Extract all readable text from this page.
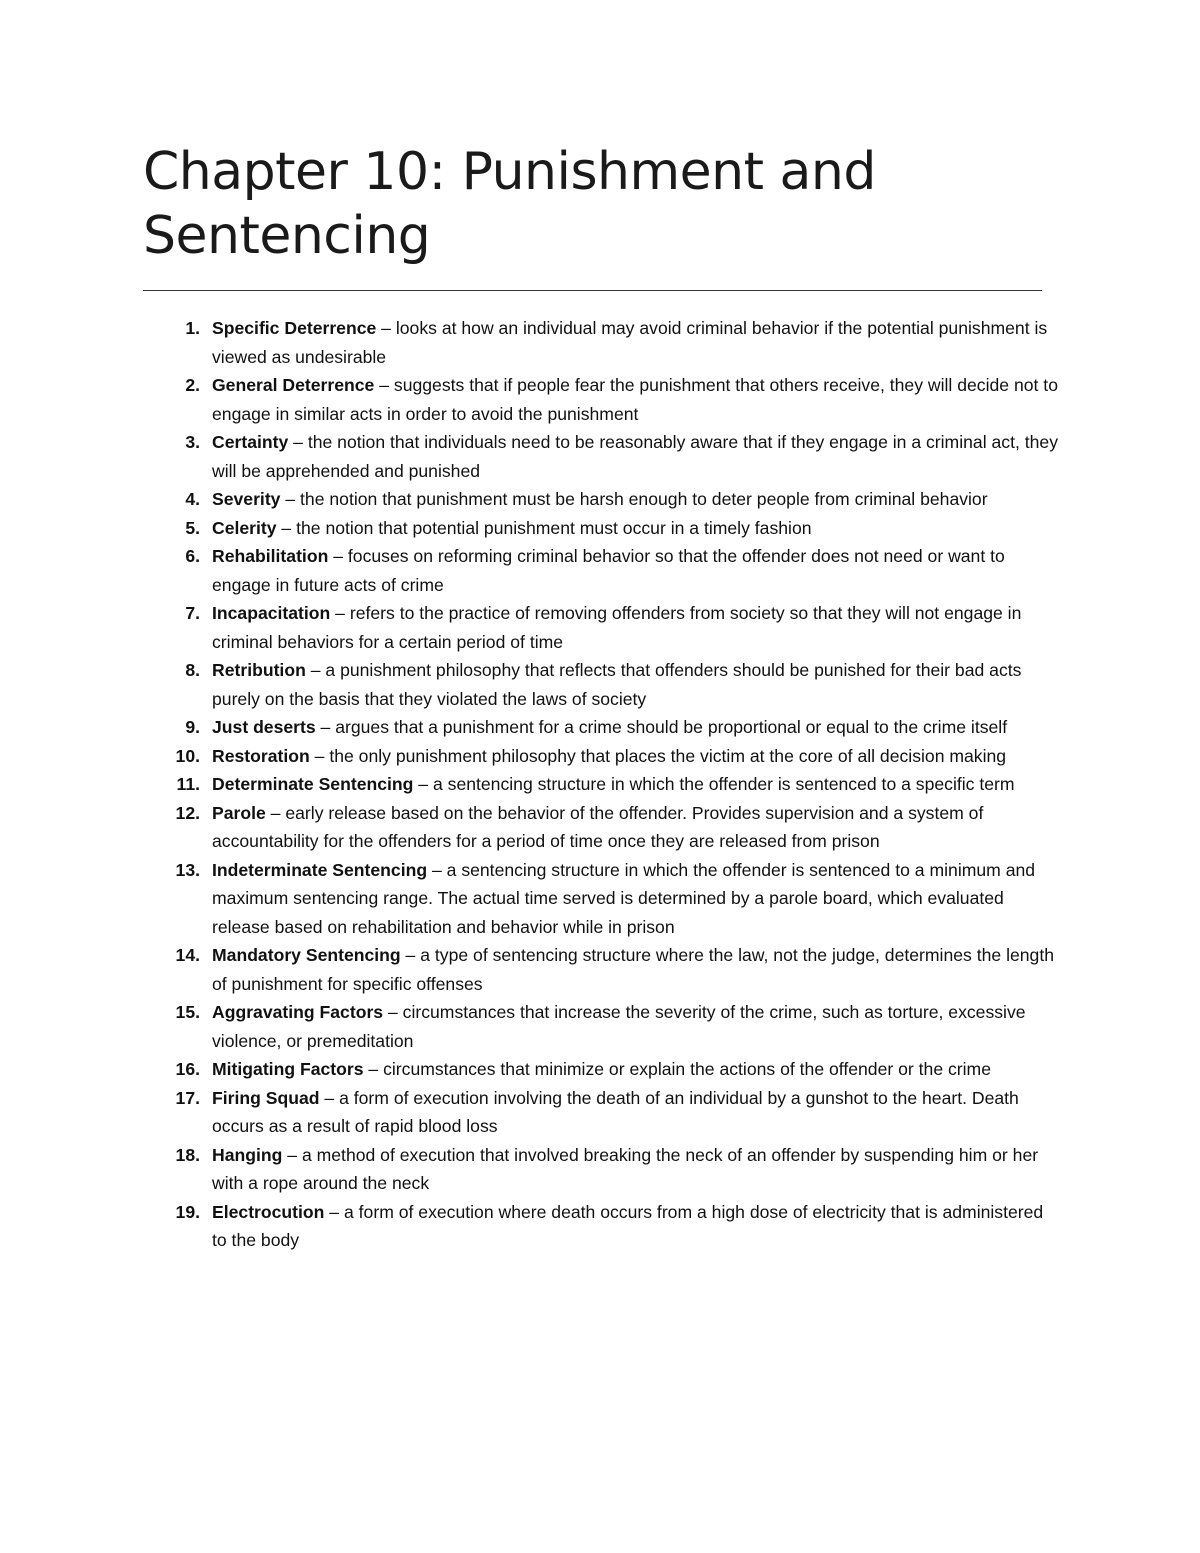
Chapter 10: Punishment and Sentencing
1. Specific Deterrence – looks at how an individual may avoid criminal behavior if the potential punishment is viewed as undesirable
2. General Deterrence – suggests that if people fear the punishment that others receive, they will decide not to engage in similar acts in order to avoid the punishment
3. Certainty – the notion that individuals need to be reasonably aware that if they engage in a criminal act, they will be apprehended and punished
4. Severity – the notion that punishment must be harsh enough to deter people from criminal behavior
5. Celerity – the notion that potential punishment must occur in a timely fashion
6. Rehabilitation – focuses on reforming criminal behavior so that the offender does not need or want to engage in future acts of crime
7. Incapacitation – refers to the practice of removing offenders from society so that they will not engage in criminal behaviors for a certain period of time
8. Retribution – a punishment philosophy that reflects that offenders should be punished for their bad acts purely on the basis that they violated the laws of society
9. Just deserts – argues that a punishment for a crime should be proportional or equal to the crime itself
10. Restoration – the only punishment philosophy that places the victim at the core of all decision making
11. Determinate Sentencing – a sentencing structure in which the offender is sentenced to a specific term
12. Parole – early release based on the behavior of the offender. Provides supervision and a system of accountability for the offenders for a period of time once they are released from prison
13. Indeterminate Sentencing – a sentencing structure in which the offender is sentenced to a minimum and maximum sentencing range. The actual time served is determined by a parole board, which evaluated release based on rehabilitation and behavior while in prison
14. Mandatory Sentencing – a type of sentencing structure where the law, not the judge, determines the length of punishment for specific offenses
15. Aggravating Factors – circumstances that increase the severity of the crime, such as torture, excessive violence, or premeditation
16. Mitigating Factors – circumstances that minimize or explain the actions of the offender or the crime
17. Firing Squad – a form of execution involving the death of an individual by a gunshot to the heart. Death occurs as a result of rapid blood loss
18. Hanging – a method of execution that involved breaking the neck of an offender by suspending him or her with a rope around the neck
19. Electrocution – a form of execution where death occurs from a high dose of electricity that is administered to the body
